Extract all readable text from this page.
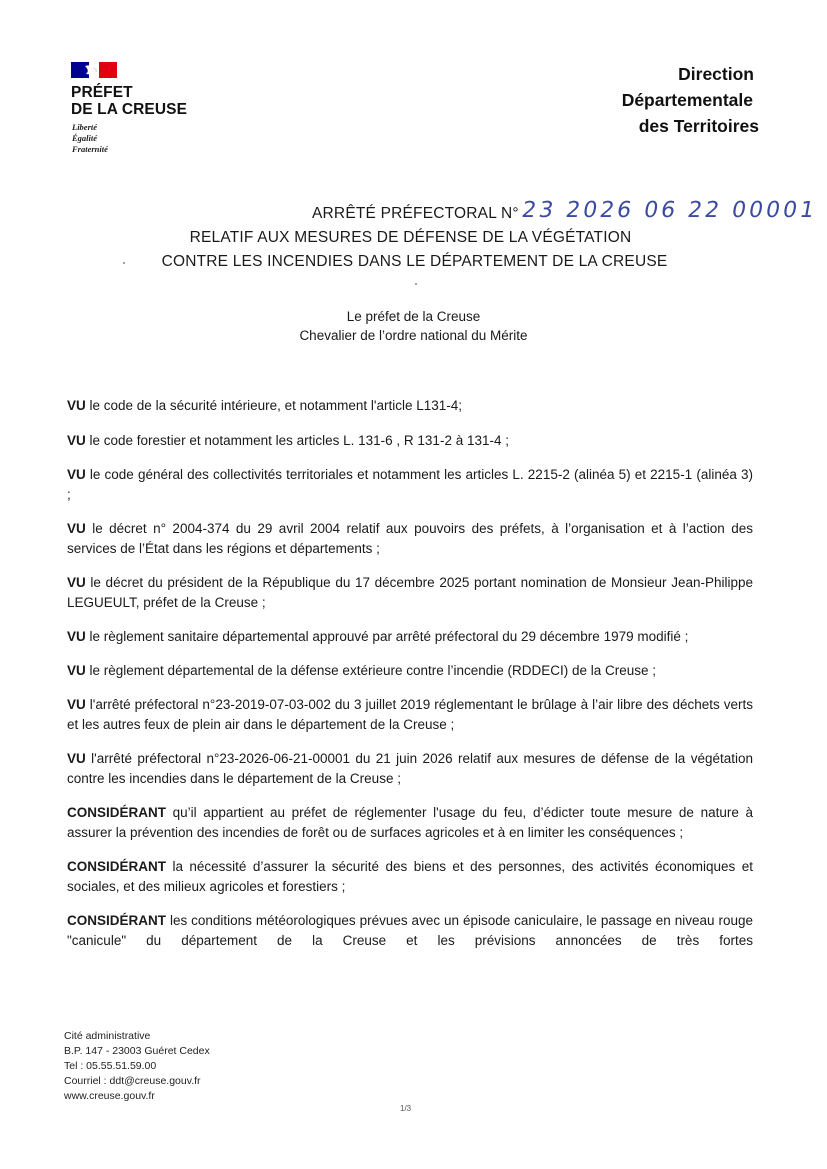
PRÉFET
DE LA CREUSE
Liberté
Égalité
Fraternité
Direction
Départementale
des Territoires
ARRÊTÉ PRÉFECTORAL N° 23 2026 06 22 00001
RELATIF AUX MESURES DE DÉFENSE DE LA VÉGÉTATION
CONTRE LES INCENDIES DANS LE DÉPARTEMENT DE LA CREUSE
Le préfet de la Creuse
Chevalier de l’ordre national du Mérite

VU le code de la sécurité intérieure, et notamment l'article L131-4;

VU le code forestier et notamment les articles L. 131-6 , R 131-2 à 131-4 ;

VU le code général des collectivités territoriales et notamment les articles L. 2215-2 (alinéa 5) et 2215-1 (alinéa 3) ;

VU le décret n° 2004-374 du 29 avril 2004 relatif aux pouvoirs des préfets, à l’organisation et à l’action des services de l’État dans les régions et départements ;

VU le décret du président de la République du 17 décembre 2025 portant nomination de Monsieur Jean-Philippe LEGUEULT, préfet de la Creuse ;

VU le règlement sanitaire départemental approuvé par arrêté préfectoral du 29 décembre 1979 modifié ;

VU le règlement départemental de la défense extérieure contre l’incendie (RDDECI) de la Creuse ;

VU l'arrêté préfectoral n°23-2019-07-03-002 du 3 juillet 2019 réglementant le brûlage à l’air libre des déchets verts et les autres feux de plein air dans le département de la Creuse ;

VU l'arrêté préfectoral n°23-2026-06-21-00001 du 21 juin 2026 relatif aux mesures de défense de la végétation contre les incendies dans le département de la Creuse ;

CONSIDÉRANT qu’il appartient au préfet de réglementer l'usage du feu, d’édicter toute mesure de nature à assurer la prévention des incendies de forêt ou de surfaces agricoles et à en limiter les conséquences ;

CONSIDÉRANT la nécessité d’assurer la sécurité des biens et des personnes, des activités économiques et sociales, et des milieux agricoles et forestiers ;

CONSIDÉRANT les conditions météorologiques prévues avec un épisode caniculaire, le passage en niveau rouge "canicule" du département de la Creuse et les prévisions annoncées de très fortes

Cité administrative
B.P. 147 - 23003 Guéret Cedex
Tel : 05.55.51.59.00
Courriel : ddt@creuse.gouv.fr
www.creuse.gouv.fr
1/3
